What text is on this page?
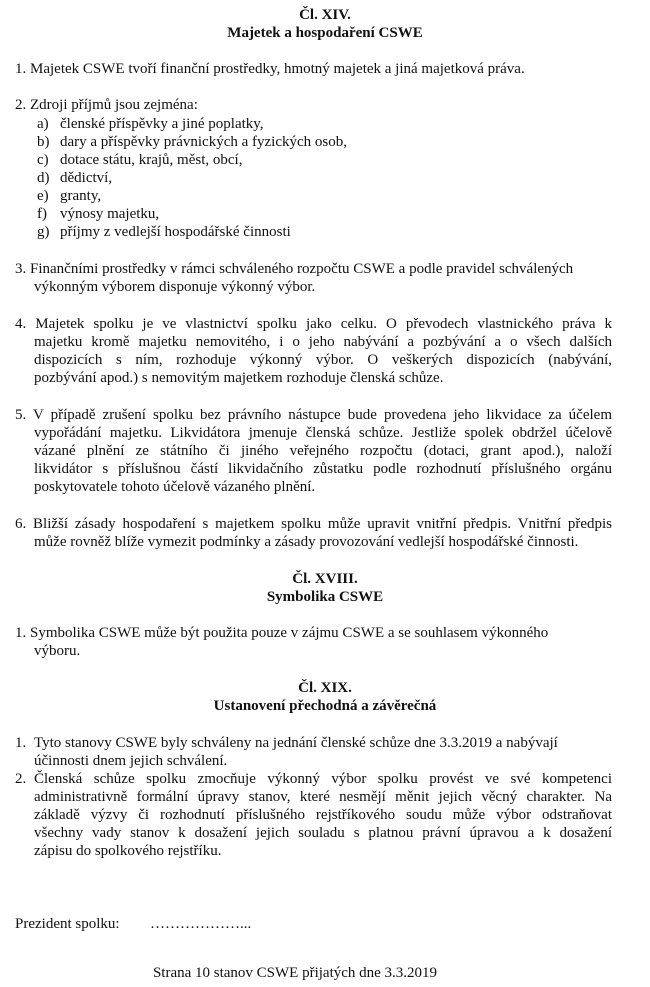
Čl. XIV.
Majetek a hospodaření CSWE
1. Majetek CSWE tvoří finanční prostředky, hmotný majetek a jiná majetková práva.
2. Zdroji příjmů jsou zejména:
a) členské příspěvky a jiné poplatky,
b) dary a příspěvky právnických a fyzických osob,
c) dotace státu, krajů, měst, obcí,
d) dědictví,
e) granty,
f) výnosy majetku,
g) příjmy z vedlejší hospodářské činnosti
3. Finančními prostředky v rámci schváleného rozpočtu CSWE a podle pravidel schválených
výkonným výborem disponuje výkonný výbor.
4. Majetek spolku je ve vlastnictví spolku jako celku. O převodech vlastnického práva k
majetku kromě majetku nemovitého, i o jeho nabývání a pozbývání a o všech dalších
dispozicích s ním, rozhoduje výkonný výbor. O veškerých dispozicích (nabývání,
pozbývání apod.) s nemovitým majetkem rozhoduje členská schůze.
5. V případě zrušení spolku bez právního nástupce bude provedena jeho likvidace za účelem
vypořádání majetku. Likvidátora jmenuje členská schůze. Jestliže spolek obdržel účelově
vázané plnění ze státního či jiného veřejného rozpočtu (dotaci, grant apod.), naloží
likvidátor s příslušnou částí likvidačního zůstatku podle rozhodnutí příslušného orgánu
poskytovatele tohoto účelově vázaného plnění.
6. Bližší zásady hospodaření s majetkem spolku může upravit vnitřní předpis. Vnitřní předpis
může rovněž blíže vymezit podmínky a zásady provozování vedlejší hospodářské činnosti.
Čl. XVIII.
Symbolika CSWE
1. Symbolika CSWE může být použita pouze v zájmu CSWE a se souhlasem výkonného
výboru.
Čl. XIX.
Ustanovení přechodná a závěrečná
1. Tyto stanovy CSWE byly schváleny na jednání členské schůze dne 3.3.2019 a nabývají
účinnosti dnem jejich schválení.
2. Členská schůze spolku zmocňuje výkonný výbor spolku provést ve své kompetenci
administrativně formální úpravy stanov, které nesmějí měnit jejich věcný charakter. Na
základě výzvy či rozhodnutí příslušného rejstříkového soudu může výbor odstraňovat
všechny vady stanov k dosažení jejich souladu s platnou právní úpravou a k dosažení
zápisu do spolkového rejstříku.
Prezident spolku: ………………...
Strana 10 stanov CSWE přijatých dne 3.3.2019
